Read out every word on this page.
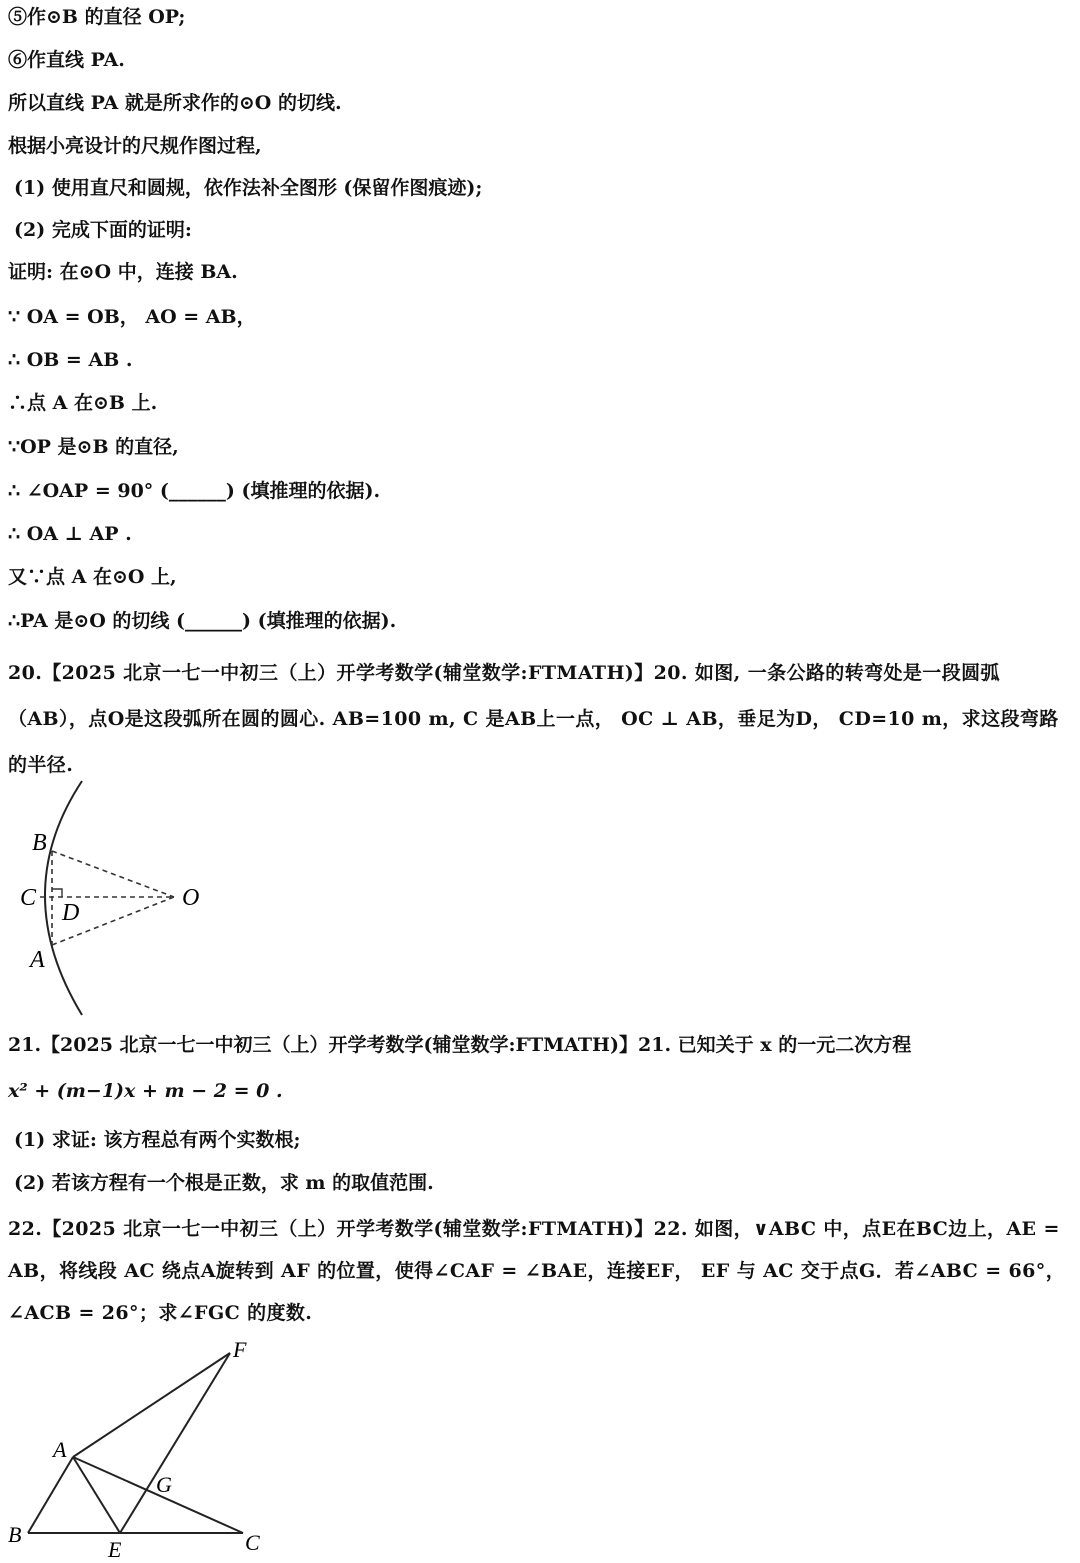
⑤作⊙B 的直径 OP;
⑥作直线 PA.
所以直线 PA 就是所求作的⊙O 的切线.
根据小亮设计的尺规作图过程,
(1) 使用直尺和圆规，依作法补全图形 (保留作图痕迹);
(2) 完成下面的证明:
证明: 在⊙O 中，连接 BA.
∵ OA = OB， AO = AB，
∴ OB = AB .
∴点 A 在⊙B 上.
∵OP 是⊙B 的直径,
∴ ∠OAP = 90° (______) (填推理的依据).
∴ OA ⊥ AP .
又∵点 A 在⊙O 上,
∴PA 是⊙O 的切线 (______) (填推理的依据).
20.【2025 北京一七一中初三（上）开学考数学(辅堂数学:FTMATH)】20. 如图, 一条公路的转弯处是一段圆弧（AB），点O是这段弧所在圆的圆心. AB=100 m, C 是AB上一点， OC ⊥ AB，垂足为D， CD=10 m，求这段弯路的半径.
B
C
D
A
O
21.【2025 北京一七一中初三（上）开学考数学(辅堂数学:FTMATH)】21. 已知关于 x 的一元二次方程
x² + (m−1)x + m − 2 = 0 .
(1) 求证: 该方程总有两个实数根;
(2) 若该方程有一个根是正数，求 m 的取值范围.
22.【2025 北京一七一中初三（上）开学考数学(辅堂数学:FTMATH)】22. 如图，∨ABC 中，点E在BC边上，AE = AB，将线段 AC 绕点A旋转到 AF 的位置，使得∠CAF = ∠BAE，连接EF， EF 与 AC 交于点G．若∠ABC = 66°，∠ACB = 26°；求∠FGC 的度数.
F
A
G
B
E	C
